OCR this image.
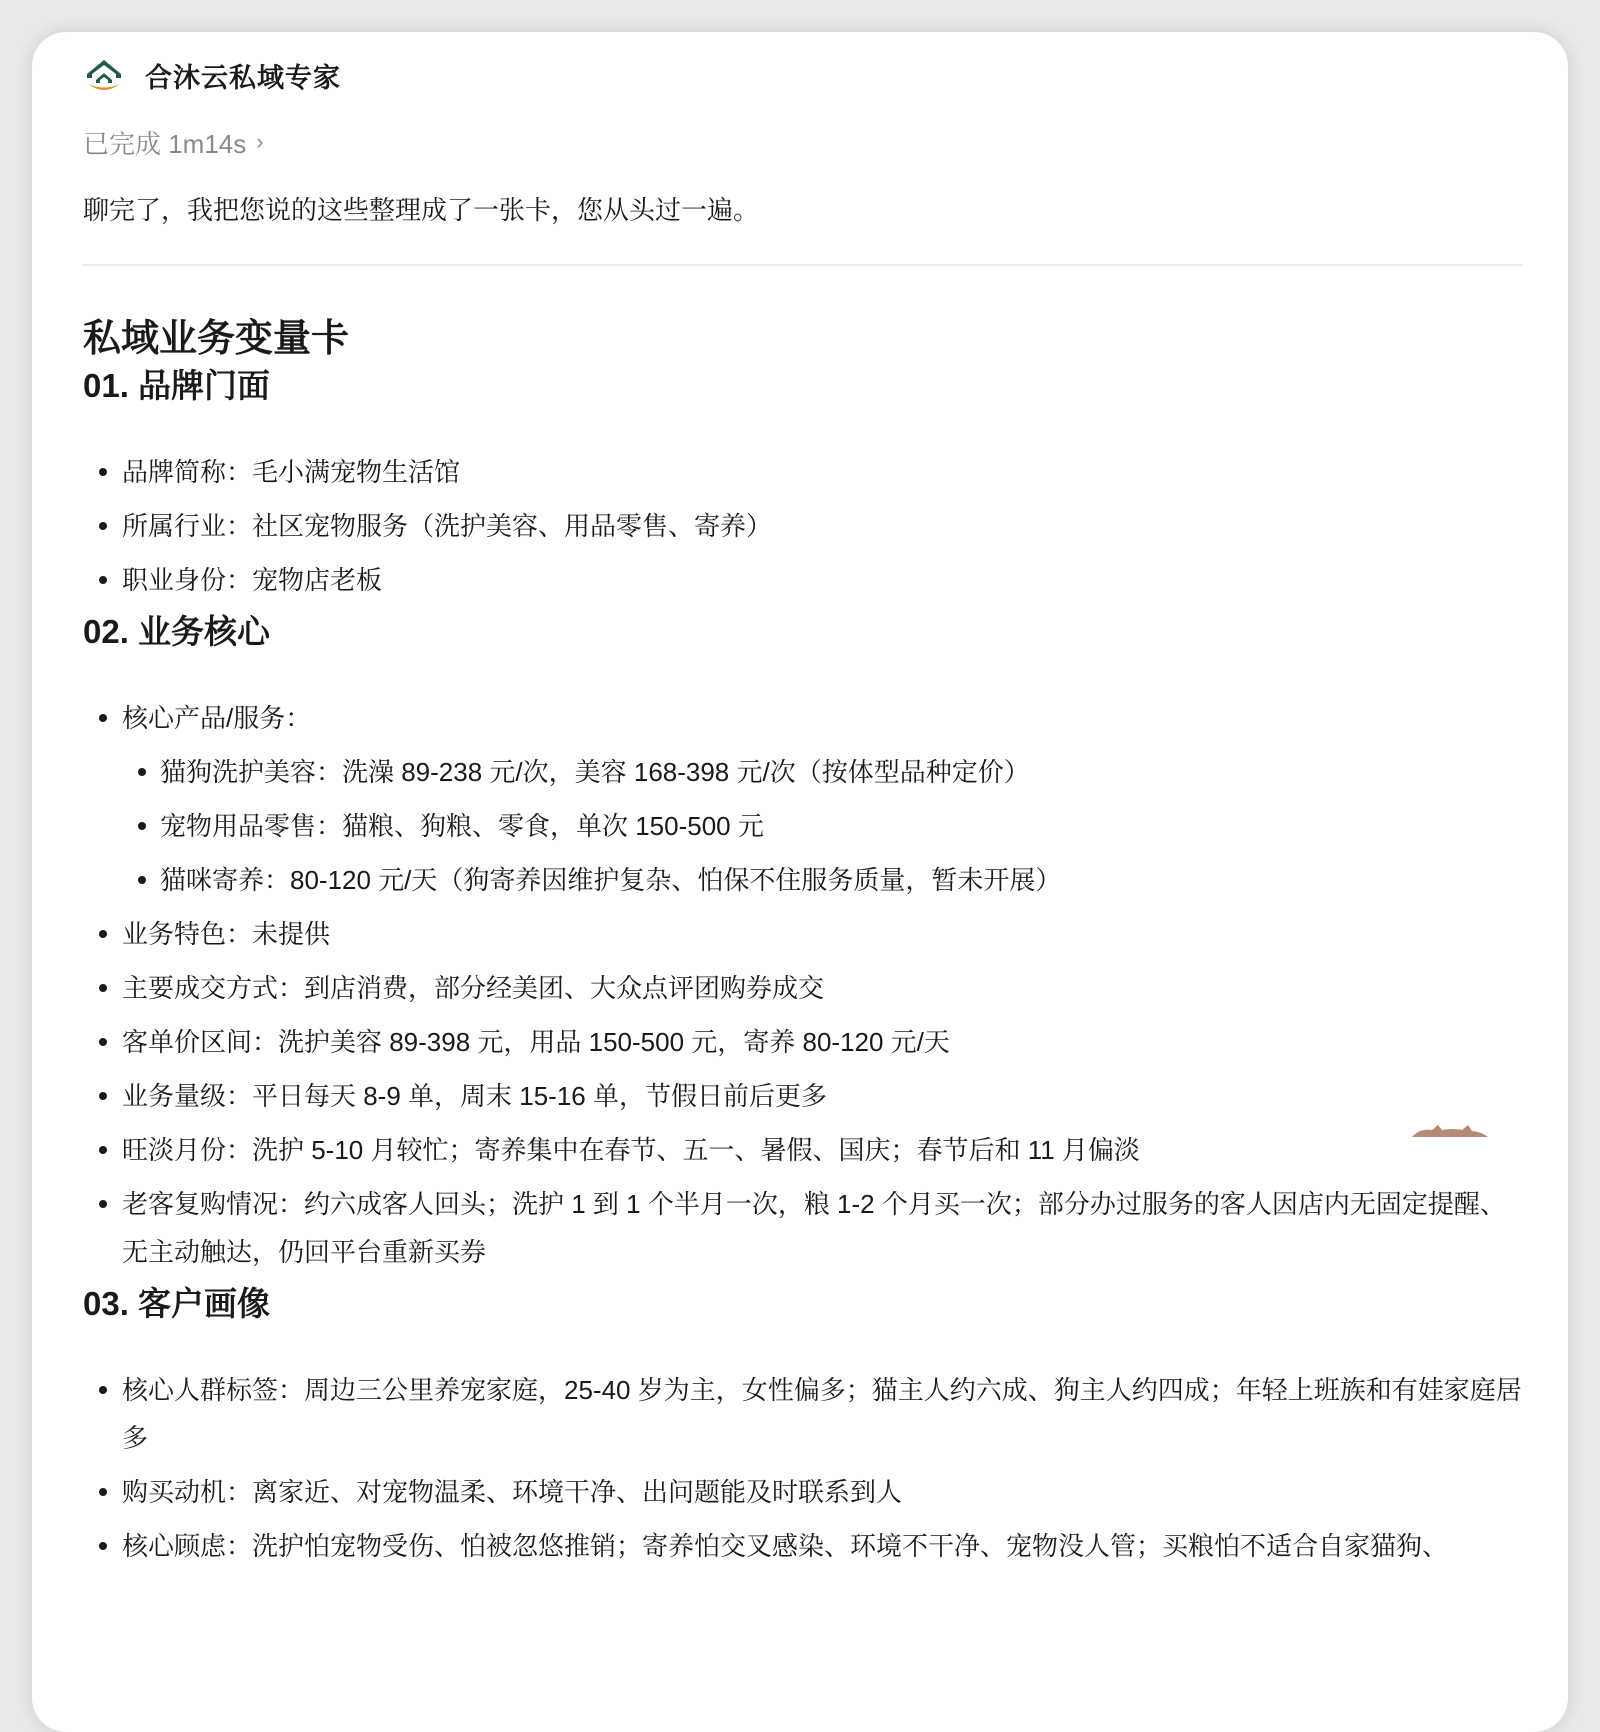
合沐云私域专家
已完成 1m14s ›
聊完了，我把您说的这些整理成了一张卡，您从头过一遍。
私域业务变量卡
01. 品牌门面
品牌简称：毛小满宠物生活馆
所属行业：社区宠物服务（洗护美容、用品零售、寄养）
职业身份：宠物店老板
02. 业务核心
核心产品/服务：
猫狗洗护美容：洗澡 89-238 元/次，美容 168-398 元/次（按体型品种定价）
宠物用品零售：猫粮、狗粮、零食，单次 150-500 元
猫咪寄养：80-120 元/天（狗寄养因维护复杂、怕保不住服务质量，暂未开展）
业务特色：未提供
主要成交方式：到店消费，部分经美团、大众点评团购券成交
客单价区间：洗护美容 89-398 元，用品 150-500 元，寄养 80-120 元/天
业务量级：平日每天 8-9 单，周末 15-16 单，节假日前后更多
旺淡月份：洗护 5-10 月较忙；寄养集中在春节、五一、暑假、国庆；春节后和 11 月偏淡
老客复购情况：约六成客人回头；洗护 1 到 1 个半月一次，粮 1-2 个月买一次；部分办过服务的客人因店内无固定提醒、无主动触达，仍回平台重新买券
03. 客户画像
核心人群标签：周边三公里养宠家庭，25-40 岁为主，女性偏多；猫主人约六成、狗主人约四成；年轻上班族和有娃家庭居多
购买动机：离家近、对宠物温柔、环境干净、出问题能及时联系到人
核心顾虑：洗护怕宠物受伤、怕被忽悠推销；寄养怕交叉感染、环境不干净、宠物没人管；买粮怕不适合自家猫狗、
